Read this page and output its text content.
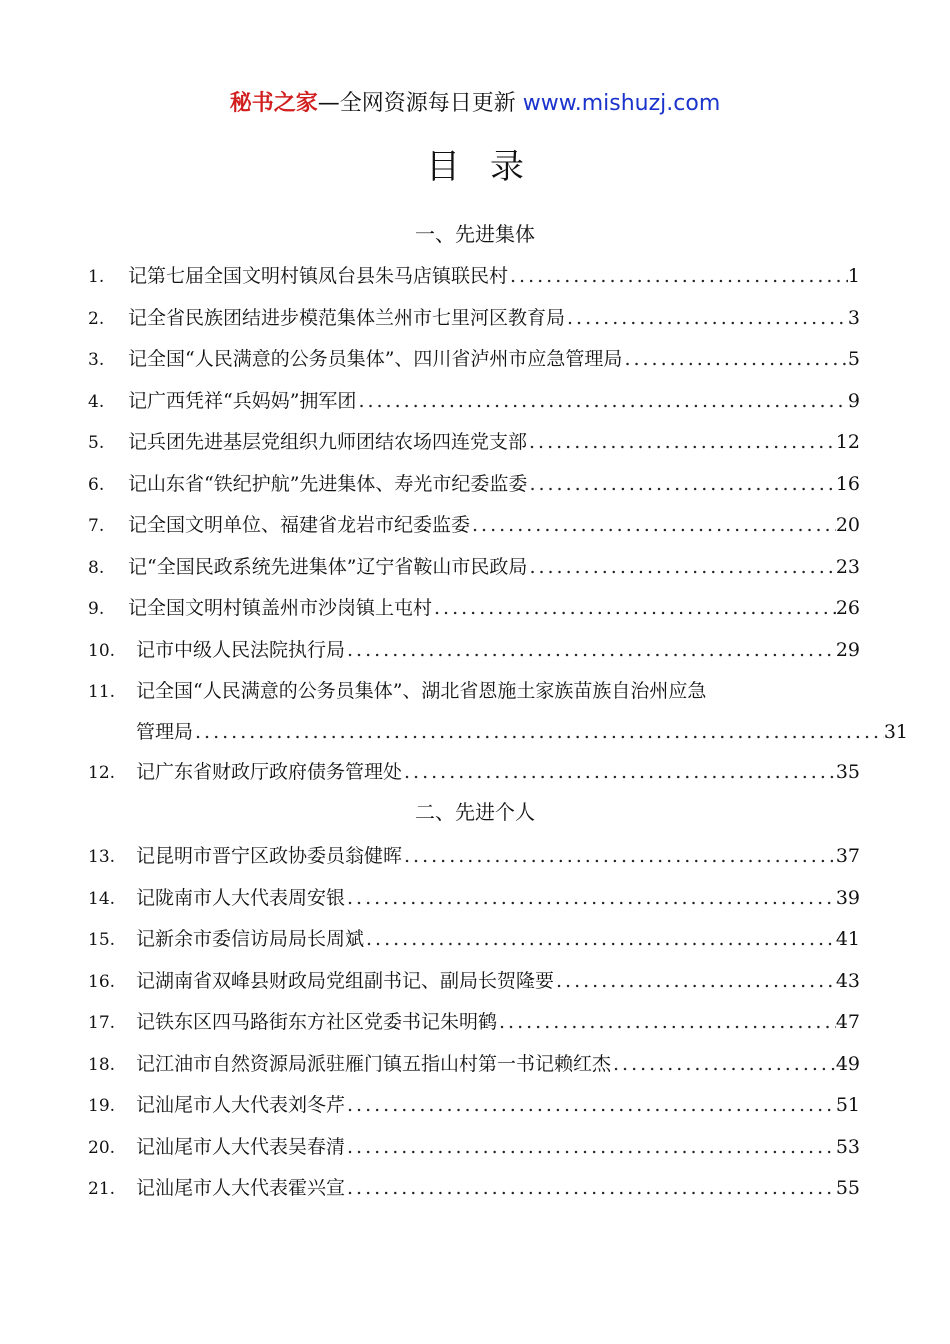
秘书之家—全网资源每日更新 www.mishuzj.com
目录
一、先进集体
1.	记第七届全国文明村镇凤台县朱马店镇联民村 .....	1
2.	记全省民族团结进步模范集体兰州市七里河区教育局 .....	3
3.	记全国“人民满意的公务员集体”、四川省泸州市应急管理局 .....	5
4.	记广西凭祥“兵妈妈”拥军团 .....	9
5.	记兵团先进基层党组织九师团结农场四连党支部 .....	12
6.	记山东省“铁纪护航”先进集体、寿光市纪委监委 .....	16
7.	记全国文明单位、福建省龙岩市纪委监委 .....	20
8.	记“全国民政系统先进集体”辽宁省鞍山市民政局 .....	23
9.	记全国文明村镇盖州市沙岗镇上屯村 .....	26
10.	记市中级人民法院执行局 .....	29
11.	记全国“人民满意的公务员集体”、湖北省恩施土家族苗族自治州应急
管理局 .....	31
12.	记广东省财政厅政府债务管理处 .....	35
二、先进个人
13.	记昆明市晋宁区政协委员翁健晖 .....	37
14.	记陇南市人大代表周安银 .....	39
15.	记新余市委信访局局长周斌 .....	41
16.	记湖南省双峰县财政局党组副书记、副局长贺隆要 .....	43
17.	记铁东区四马路街东方社区党委书记朱明鹤 .....	47
18.	记江油市自然资源局派驻雁门镇五指山村第一书记赖红杰 .....	49
19.	记汕尾市人大代表刘冬芹 .....	51
20.	记汕尾市人大代表吴春清 .....	53
21.	记汕尾市人大代表霍兴宣 .....	55
